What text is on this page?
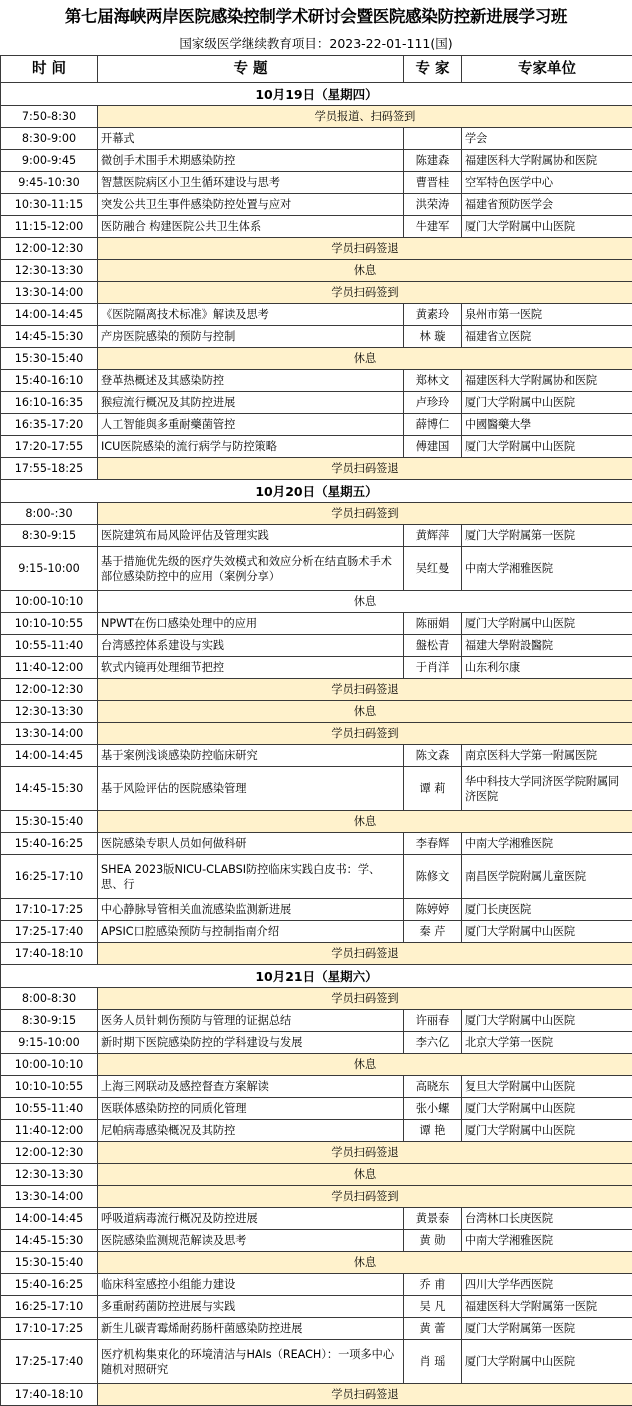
第七届海峡两岸医院感染控制学术研讨会暨医院感染防控新进展学习班
国家级医学继续教育项目：2023-22-01-111(国)
时 间	专 题	专 家	专家单位
10月19日（星期四）			
7:50-8:30	学员报道、扫码签到		
8:30-9:00	开幕式		学会
9:00-9:45	微创手术围手术期感染防控	陈建森	福建医科大学附属协和医院
9:45-10:30	智慧医院病区小卫生循环建设与思考	曹晋桂	空军特色医学中心
10:30-11:15	突发公共卫生事件感染防控处置与应对	洪荣涛	福建省预防医学会
11:15-12:00	医防融合 构建医院公共卫生体系	牛建军	厦门大学附属中山医院
12:00-12:30	学员扫码签退		
12:30-13:30	休息		
13:30-14:00	学员扫码签到		
14:00-14:45	《医院隔离技术标准》解读及思考	黄素玲	泉州市第一医院
14:45-15:30	产房医院感染的预防与控制	林 璇	福建省立医院
15:30-15:40	休息		
15:40-16:10	登革热概述及其感染防控	郑林文	福建医科大学附属协和医院
16:10-16:35	猴痘流行概况及其防控进展	卢珍玲	厦门大学附属中山医院
16:35-17:20	人工智能與多重耐藥菌管控	薛博仁	中國醫藥大學
17:20-17:55	ICU医院感染的流行病学与防控策略	傅建国	厦门大学附属中山医院
17:55-18:25	学员扫码签退		
10月20日（星期五）			
8:00-:30	学员扫码签到		
8:30-9:15	医院建筑布局风险评估及管理实践	黄辉萍	厦门大学附属第一医院
9:15-10:00	基于措施优先级的医疗失效模式和效应分析在结直肠术手术部位感染防控中的应用（案例分享）	吴红曼	中南大学湘雅医院
10:00-10:10	休息		
10:10-10:55	NPWT在伤口感染处理中的应用	陈丽娟	厦门大学附属中山医院
10:55-11:40	台湾感控体系建设与实践	盤松青	福建大學附設醫院
11:40-12:00	软式内镜再处理细节把控	于肖洋	山东利尔康
12:00-12:30	学员扫码签退		
12:30-13:30	休息		
13:30-14:00	学员扫码签到		
14:00-14:45	基于案例浅谈感染防控临床研究	陈文森	南京医科大学第一附属医院
14:45-15:30	基于风险评估的医院感染管理	谭 莉	华中科技大学同济医学院附属同济医院
15:30-15:40	休息		
15:40-16:25	医院感染专职人员如何做科研	李春辉	中南大学湘雅医院
16:25-17:10	SHEA 2023版NICU-CLABSI防控临床实践白皮书：学、思、行	陈修文	南昌医学院附属儿童医院
17:10-17:25	中心静脉导管相关血流感染监测新进展	陈婷婷	厦门长庚医院
17:25-17:40	APSIC口腔感染预防与控制指南介绍	秦 芹	厦门大学附属中山医院
17:40-18:10	学员扫码签退		
10月21日（星期六）			
8:00-8:30	学员扫码签到		
8:30-9:15	医务人员针刺伤预防与管理的证据总结	许丽春	厦门大学附属中山医院
9:15-10:00	新时期下医院感染防控的学科建设与发展	李六亿	北京大学第一医院
10:00-10:10	休息		
10:10-10:55	上海三网联动及感控督查方案解读	高晓东	复旦大学附属中山医院
10:55-11:40	医联体感染防控的同质化管理	张小螺	厦门大学附属中山医院
11:40-12:00	尼帕病毒感染概况及其防控	谭 艳	厦门大学附属中山医院
12:00-12:30	学员扫码签退		
12:30-13:30	休息		
13:30-14:00	学员扫码签到		
14:00-14:45	呼吸道病毒流行概况及防控进展	黄景泰	台湾林口长庚医院
14:45-15:30	医院感染监测规范解读及思考	黄 勋	中南大学湘雅医院
15:30-15:40	休息		
15:40-16:25	临床科室感控小组能力建设	乔 甫	四川大学华西医院
16:25-17:10	多重耐药菌防控进展与实践	吴 凡	福建医科大学附属第一医院
17:10-17:25	新生儿碳青霉烯耐药肠杆菌感染防控进展	黄 蕾	厦门大学附属第一医院
17:25-17:40	医疗机构集束化的环境清洁与HAIs（REACH）：一项多中心随机对照研究	肖 瑶	厦门大学附属中山医院
17:40-18:10	学员扫码签退		
